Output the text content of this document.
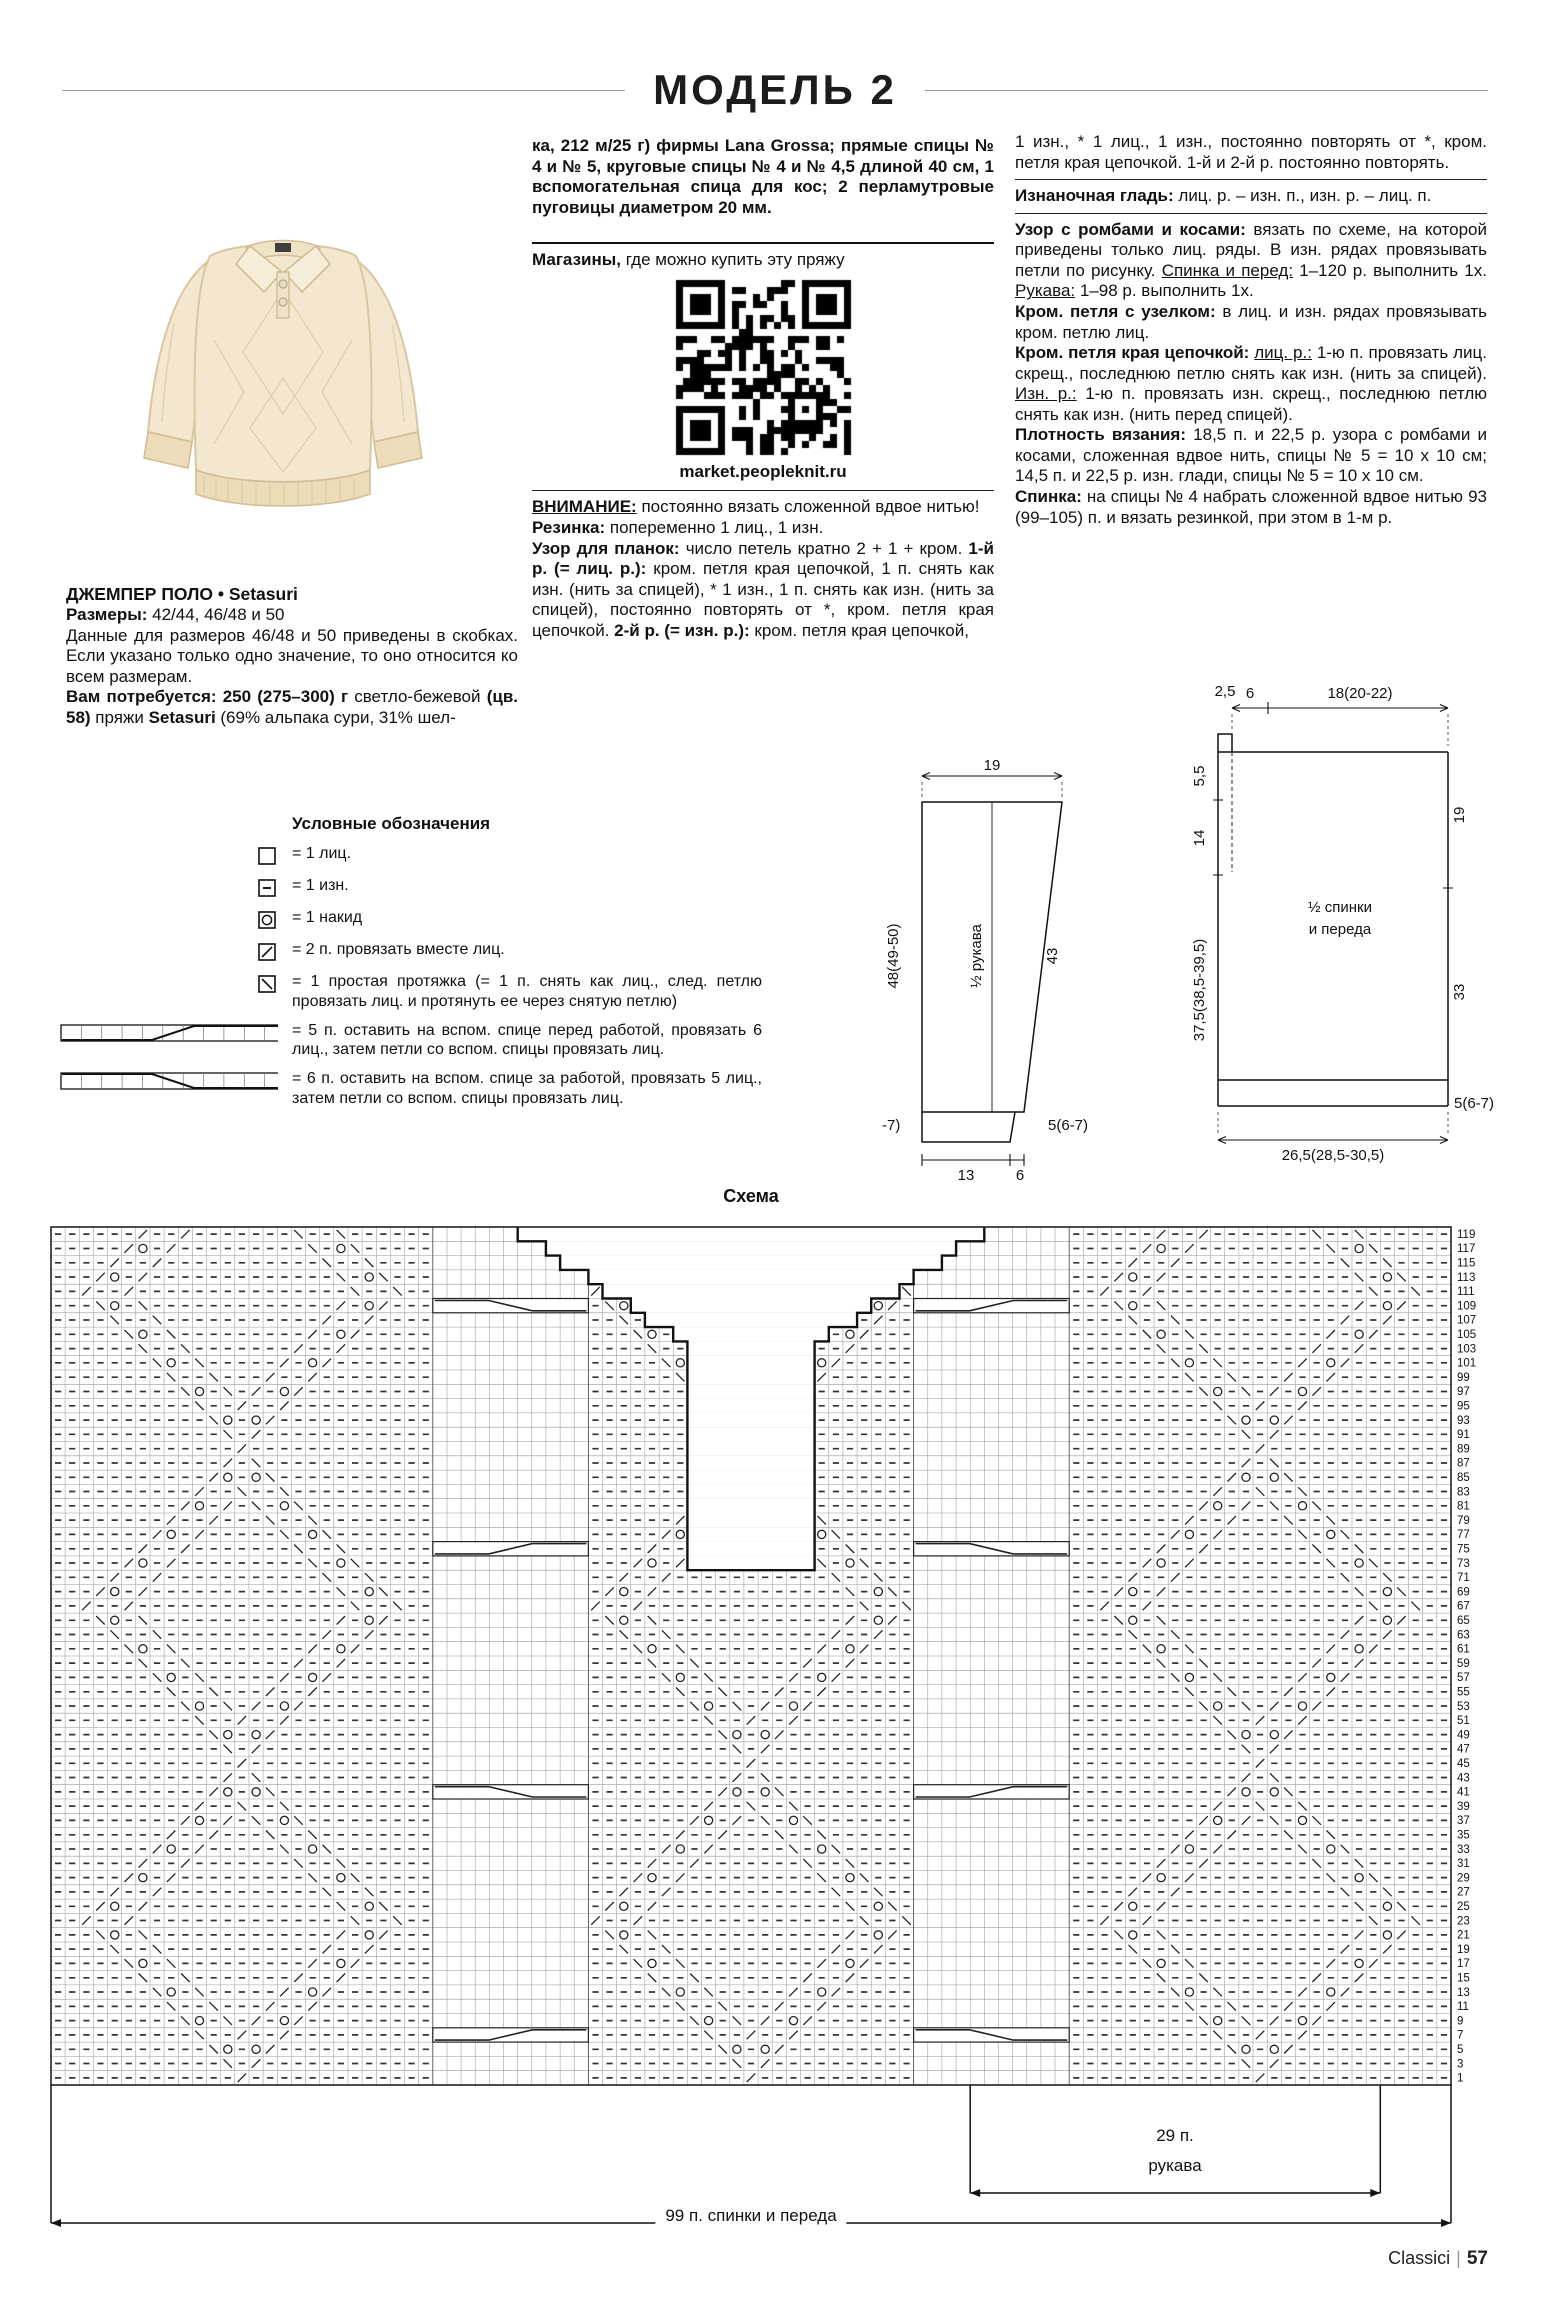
МОДЕЛЬ 2

ДЖЕМПЕР ПОЛО • Setasuri

Размеры: 42/44, 46/48 и 50

Данные для размеров 46/48 и 50 приведены в скобках. Если указано только одно значение, то оно относится ко всем размерам.

Вам потребуется: 250 (275–300) г светло-бежевой (цв. 58) пряжи Setasuri (69% альпака сури, 31% шел-

ка, 212 м/25 г) фирмы Lana Grossa; прямые спицы № 4 и № 5, круговые спицы № 4 и № 4,5 длиной 40 см, 1 вспомогательная спица для кос; 2 перламутровые пуговицы диаметром 20 мм.

Магазины, где можно купить эту пряжу

market.peopleknit.ru

ВНИМАНИЕ: постоянно вязать сложенной вдвое нитью!

Резинка: попеременно 1 лиц., 1 изн.

Узор для планок: число петель кратно 2 + 1 + кром. 1-й р. (= лиц. р.): кром. петля края цепочкой, 1 п. снять как изн. (нить за спицей), * 1 изн., 1 п. снять как изн. (нить за спицей), постоянно повторять от *, кром. петля края цепочкой. 2-й р. (= изн. р.): кром. петля края цепочкой,

1 изн., * 1 лиц., 1 изн., постоянно повторять от *, кром. петля края цепочкой. 1-й и 2-й р. постоянно повторять.

Изнаночная гладь: лиц. р. – изн. п., изн. р. – лиц. п.

Узор с ромбами и косами: вязать по схеме, на которой приведены только лиц. ряды. В изн. рядах провязывать петли по рисунку. Спинка и перед: 1–120 р. выполнить 1х. Рукава: 1–98 р. выполнить 1х.

Кром. петля с узелком: в лиц. и изн. рядах провязывать кром. петлю лиц.

Кром. петля края цепочкой: лиц. р.: 1-ю п. провязать лиц. скрещ., последнюю петлю снять как изн. (нить за спицей). Изн. р.: 1-ю п. провязать изн. скрещ., последнюю петлю снять как изн. (нить перед спицей).

Плотность вязания: 18,5 п. и 22,5 р. узора с ромбами и косами, сложенная вдвое нить, спицы № 5 = 10 x 10 см; 14,5 п. и 22,5 р. изн. глади, спицы № 5 = 10 x 10 см.

Спинка: на спицы № 4 набрать сложенной вдвое нитью 93 (99–105) п. и вязать резинкой, при этом в 1-м р.

Условные обозначения
= 1 лиц.
= 1 изн.
= 1 накид
= 2 п. провязать вместе лиц.
= 1 простая протяжка (= 1 п. снять как лиц., след. петлю провязать лиц. и протянуть ее через снятую петлю)
= 5 п. оставить на вспом. спице перед работой, провязать 6 лиц., затем петли со вспом. спицы провязать лиц.
= 6 п. оставить на вспом. спице за работой, провязать 5 лиц., затем петли со вспом. спицы провязать лиц.
19
48(49-50)	½ рукава	43
-7)	5(6-7)
13	6
2,5 6	18(20-22)
5,5
14
37,5(38,5-39,5)
½ спинки
и переда
19
33
5(6-7)
26,5(28,5-30,5)
Схема
119
117
115
113
111
109
107
105
103
101
99
97
95
93
91
89
87
85
83
81
79
77
75
73
71
69
67
65
63
61
59
57
55
53
51
49
47
45
43
41
39
37
35
33
31
29
27
25
23
21
19
17
15
13
11
9
7
5
3
1
29 п.
рукава
99 п. спинки и переда
Classici | 57
